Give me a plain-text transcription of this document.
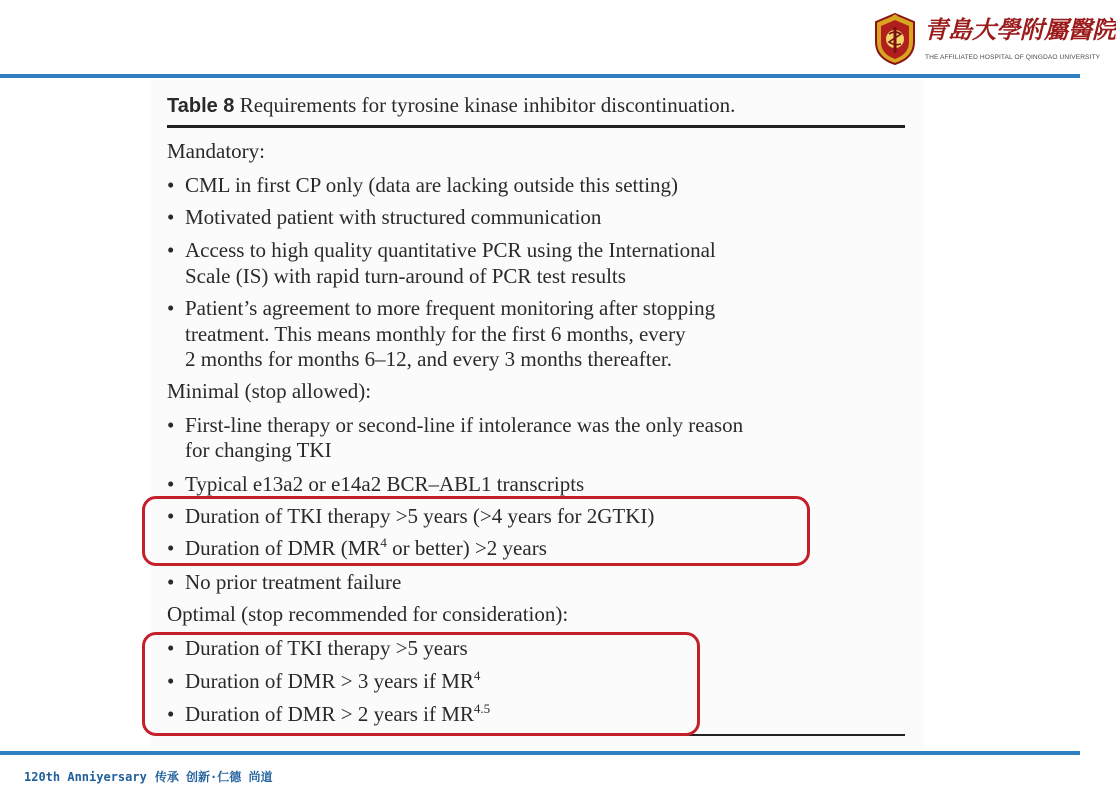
青島大學附屬醫院
THE AFFILIATED HOSPITAL OF QINGDAO UNIVERSITY
Table 8 Requirements for tyrosine kinase inhibitor discontinuation.
Mandatory:
• CML in first CP only (data are lacking outside this setting)
• Motivated patient with structured communication
• Access to high quality quantitative PCR using the International
Scale (IS) with rapid turn-around of PCR test results
• Patient’s agreement to more frequent monitoring after stopping
treatment. This means monthly for the first 6 months, every
2 months for months 6–12, and every 3 months thereafter.
Minimal (stop allowed):
• First-line therapy or second-line if intolerance was the only reason
for changing TKI
• Typical e13a2 or e14a2 BCR–ABL1 transcripts
• Duration of TKI therapy >5 years (>4 years for 2GTKI)
• Duration of DMR ($MR^4$ or better) >2 years
• No prior treatment failure
Optimal (stop recommended for consideration):
• Duration of TKI therapy >5 years
• Duration of DMR > 3 years if $MR^4$
• Duration of DMR > 2 years if $MR^{4.5}$
120th Anniyersary 传承 创新·仁德 尚道
